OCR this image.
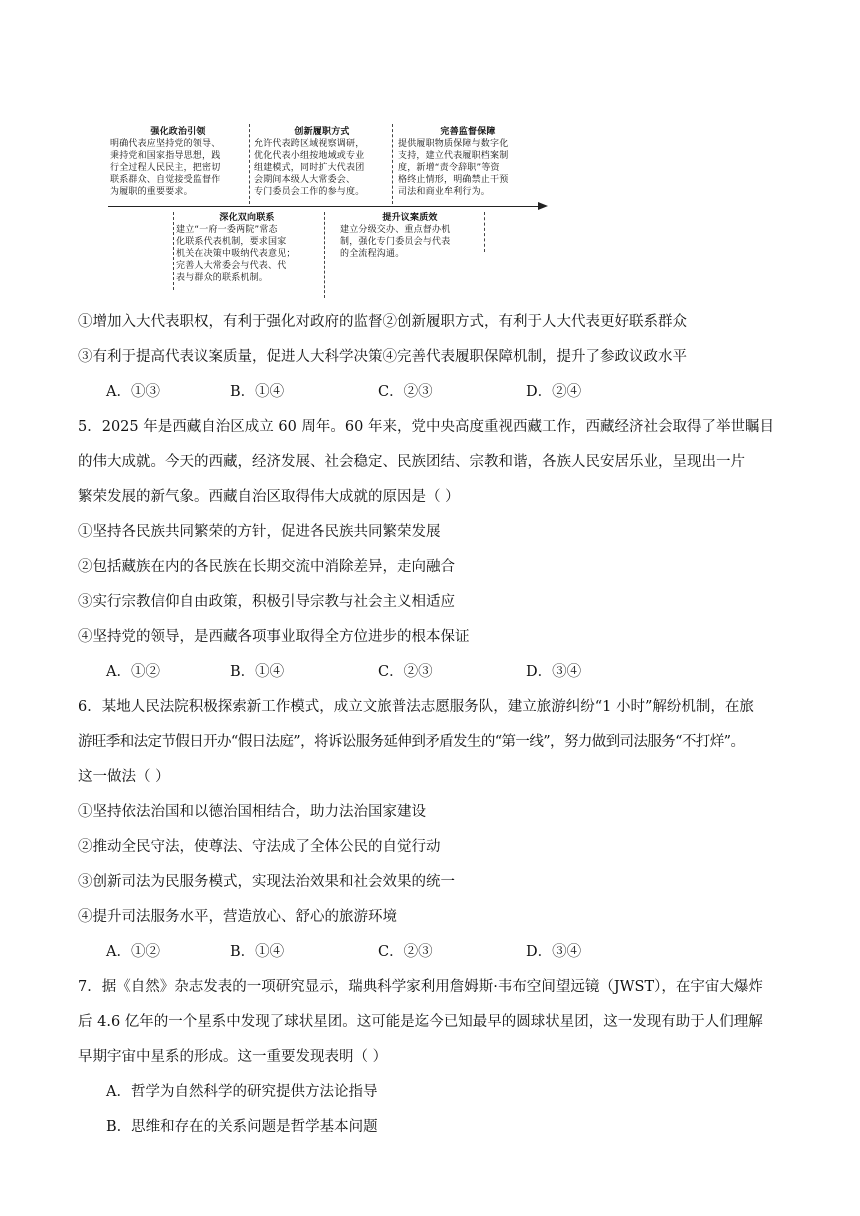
强化政治引领
明确代表应坚持党的领导、
秉持党和国家指导思想，践
行全过程人民民主，把密切
联系群众、自觉接受监督作
为履职的重要要求。
创新履职方式
允许代表跨区域视察调研，
优化代表小组按地域或专业
组建模式，同时扩大代表团
会期间本级人大常委会、
专门委员会工作的参与度。
完善监督保障
提供履职物质保障与数字化
支持，建立代表履职档案制
度，新增“责令辞职”等资
格终止情形，明确禁止干预
司法和商业牟利行为。
深化双向联系
建立“一府一委两院”常态
化联系代表机制，要求国家
机关在决策中吸纳代表意见；
完善人大常委会与代表、代
表与群众的联系机制。
提升议案质效
建立分级交办、重点督办机
制，强化专门委员会与代表
的全流程沟通。
①增加入大代表职权，有利于强化对政府的监督②创新履职方式，有利于人大代表更好联系群众
③有利于提高代表议案质量，促进人大科学决策④完善代表履职保障机制，提升了参政议政水平
A．①③	B．①④	C．②③	D．②④
5．2025 年是西藏自治区成立 60 周年。60 年来，党中央高度重视西藏工作，西藏经济社会取得了举世瞩目
的伟大成就。今天的西藏，经济发展、社会稳定、民族团结、宗教和谐，各族人民安居乐业，呈现出一片
繁荣发展的新气象。西藏自治区取得伟大成就的原因是（ ）
①坚持各民族共同繁荣的方针，促进各民族共同繁荣发展
②包括藏族在内的各民族在长期交流中消除差异，走向融合
③实行宗教信仰自由政策，积极引导宗教与社会主义相适应
④坚持党的领导，是西藏各项事业取得全方位进步的根本保证
A．①②	B．①④	C．②③	D．③④
6．某地人民法院积极探索新工作模式，成立文旅普法志愿服务队，建立旅游纠纷“1 小时”解纷机制，在旅
游旺季和法定节假日开办“假日法庭”，将诉讼服务延伸到矛盾发生的“第一线”，努力做到司法服务“不打烊”。
这一做法（ ）
①坚持依法治国和以德治国相结合，助力法治国家建设
②推动全民守法，使尊法、守法成了全体公民的自觉行动
③创新司法为民服务模式，实现法治效果和社会效果的统一
④提升司法服务水平，营造放心、舒心的旅游环境
A．①②	B．①④	C．②③	D．③④
7．据《自然》杂志发表的一项研究显示，瑞典科学家利用詹姆斯·韦布空间望远镜（JWST），在宇宙大爆炸
后 4.6 亿年的一个星系中发现了球状星团。这可能是迄今已知最早的圆球状星团，这一发现有助于人们理解
早期宇宙中星系的形成。这一重要发现表明（ ）
A．哲学为自然科学的研究提供方法论指导
B．思维和存在的关系问题是哲学基本问题
